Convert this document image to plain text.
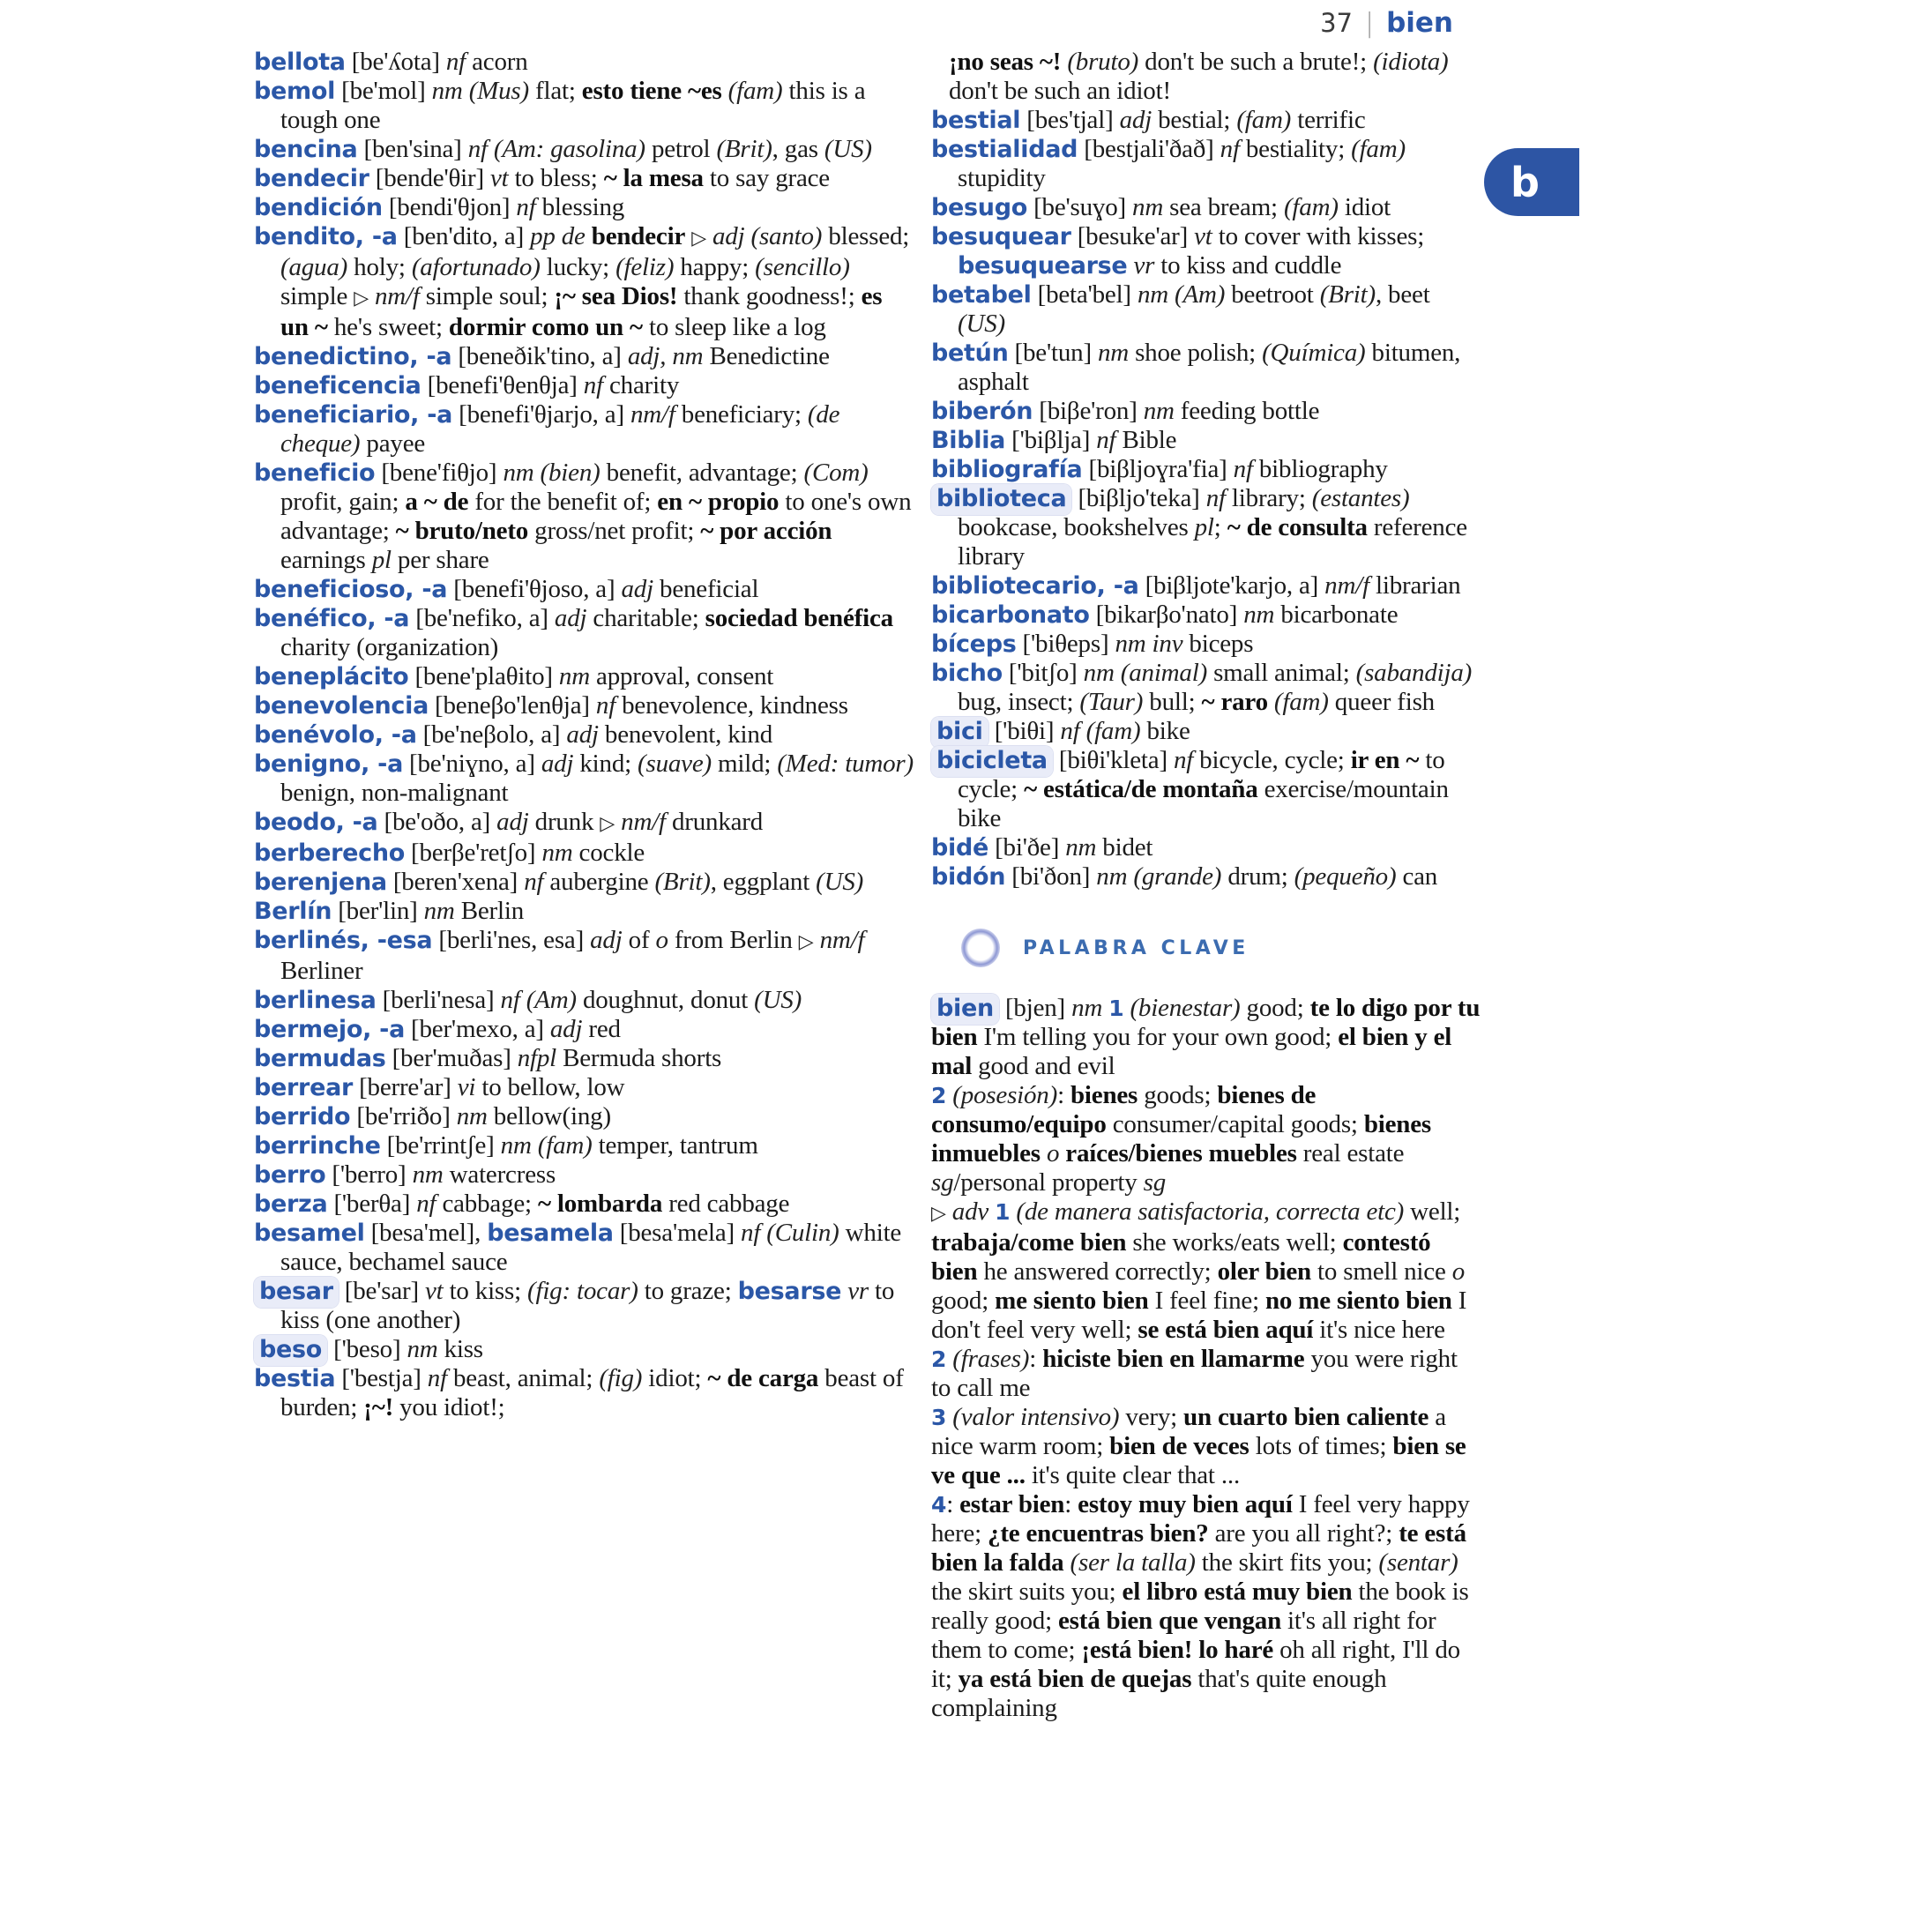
37 | bien
b

bellota [be'ʎota] nf acorn

bemol [be'mol] nm (Mus) flat; esto tiene ~es (fam) this is a tough one

bencina [ben'sina] nf (Am: gasolina) petrol (Brit), gas (US)

bendecir [bende'θir] vt to bless; ~ la mesa to say grace

bendición [bendi'θjon] nf blessing

bendito, -a [ben'dito, a] pp de bendecir ▷ adj (santo) blessed; (agua) holy; (afortunado) lucky; (feliz) happy; (sencillo) simple ▷ nm/f simple soul; ¡~ sea Dios! thank goodness!; es un ~ he's sweet; dormir como un ~ to sleep like a log

benedictino, -a [beneðik'tino, a] adj, nm Benedictine

beneficencia [benefi'θenθja] nf charity

beneficiario, -a [benefi'θjarjo, a] nm/f beneficiary; (de cheque) payee

beneficio [bene'fiθjo] nm (bien) benefit, advantage; (Com) profit, gain; a ~ de for the benefit of; en ~ propio to one's own advantage; ~ bruto/neto gross/net profit; ~ por acción earnings pl per share

beneficioso, -a [benefi'θjoso, a] adj beneficial

benéfico, -a [be'nefiko, a] adj charitable; sociedad benéfica charity (organization)

beneplácito [bene'plaθito] nm approval, consent

benevolencia [beneβo'lenθja] nf benevolence, kindness

benévolo, -a [be'neβolo, a] adj benevolent, kind

benigno, -a [be'niɣno, a] adj kind; (suave) mild; (Med: tumor) benign, non-malignant

beodo, -a [be'oðo, a] adj drunk ▷ nm/f drunkard

berberecho [berβe'retʃo] nm cockle

berenjena [beren'xena] nf aubergine (Brit), eggplant (US)

Berlín [ber'lin] nm Berlin

berlinés, -esa [berli'nes, esa] adj of o from Berlin ▷ nm/f Berliner

berlinesa [berli'nesa] nf (Am) doughnut, donut (US)

bermejo, -a [ber'mexo, a] adj red

bermudas [ber'muðas] nfpl Bermuda shorts

berrear [berre'ar] vi to bellow, low

berrido [be'rriðo] nm bellow(ing)

berrinche [be'rrintʃe] nm (fam) temper, tantrum

berro ['berro] nm watercress

berza ['berθa] nf cabbage; ~ lombarda red cabbage

besamel [besa'mel], besamela [besa'mela] nf (Culin) white sauce, bechamel sauce

besar [be'sar] vt to kiss; (fig: tocar) to graze; besarse vr to kiss (one another)

beso ['beso] nm kiss

bestia ['bestja] nf beast, animal; (fig) idiot; ~ de carga beast of burden; ¡~! you idiot!;

¡no seas ~! (bruto) don't be such a brute!; (idiota) don't be such an idiot!

bestial [bes'tjal] adj bestial; (fam) terrific

bestialidad [bestjali'ðað] nf bestiality; (fam) stupidity

besugo [be'suɣo] nm sea bream; (fam) idiot

besuquear [besuke'ar] vt to cover with kisses; besuquearse vr to kiss and cuddle

betabel [beta'bel] nm (Am) beetroot (Brit), beet (US)

betún [be'tun] nm shoe polish; (Química) bitumen, asphalt

biberón [biβe'ron] nm feeding bottle

Biblia ['biβlja] nf Bible

bibliografía [biβljoɣra'fia] nf bibliography

biblioteca [biβljo'teka] nf library; (estantes) bookcase, bookshelves pl; ~ de consulta reference library

bibliotecario, -a [biβljote'karjo, a] nm/f librarian

bicarbonato [bikarβo'nato] nm bicarbonate

bíceps ['biθeps] nm inv biceps

bicho ['bitʃo] nm (animal) small animal; (sabandija) bug, insect; (Taur) bull; ~ raro (fam) queer fish

bici ['biθi] nf (fam) bike

bicicleta [biθi'kleta] nf bicycle, cycle; ir en ~ to cycle; ~ estática/de montaña exercise/mountain bike

bidé [bi'ðe] nm bidet

bidón [bi'ðon] nm (grande) drum; (pequeño) can

PALABRA CLAVE

bien [bjen] nm 1 (bienestar) good; te lo digo por tu bien I'm telling you for your own good; el bien y el mal good and evil
2 (posesión): bienes goods; bienes de consumo/equipo consumer/capital goods; bienes inmuebles o raíces/bienes muebles real estate sg/personal property sg
▷ adv 1 (de manera satisfactoria, correcta etc) well; trabaja/come bien she works/eats well; contestó bien he answered correctly; oler bien to smell nice o good; me siento bien I feel fine; no me siento bien I don't feel very well; se está bien aquí it's nice here
2 (frases): hiciste bien en llamarme you were right to call me
3 (valor intensivo) very; un cuarto bien caliente a nice warm room; bien de veces lots of times; bien se ve que ... it's quite clear that ...
4: estar bien: estoy muy bien aquí I feel very happy here; ¿te encuentras bien? are you all right?; te está bien la falda (ser la talla) the skirt fits you; (sentar) the skirt suits you; el libro está muy bien the book is really good; está bien que vengan it's all right for them to come; ¡está bien! lo haré oh all right, I'll do it; ya está bien de quejas that's quite enough complaining
